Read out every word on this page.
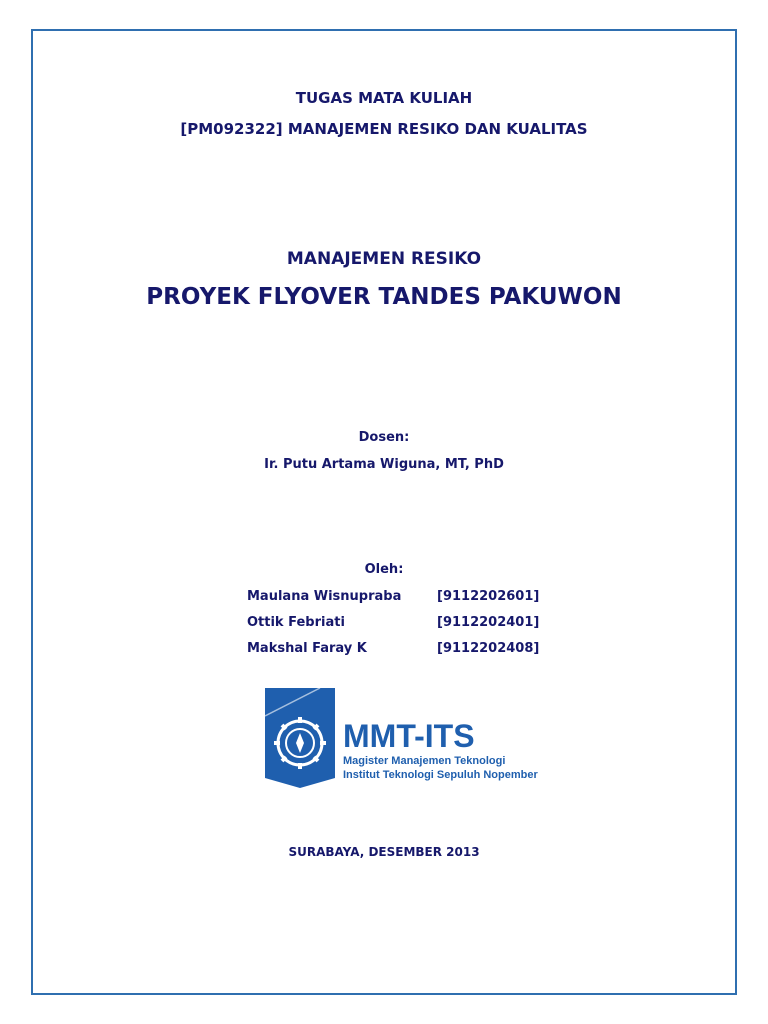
TUGAS MATA KULIAH
[PM092322] MANAJEMEN RESIKO DAN KUALITAS
MANAJEMEN RESIKO
PROYEK FLYOVER TANDES PAKUWON
Dosen:
Ir. Putu Artama Wiguna, MT, PhD
Oleh:
Maulana Wisnupraba	[9112202601]
Ottik Febriati	[9112202401]
Makshal Faray K	[9112202408]
MMT-ITS
Magister Manajemen Teknologi
Institut Teknologi Sepuluh Nopember
SURABAYA, DESEMBER 2013
